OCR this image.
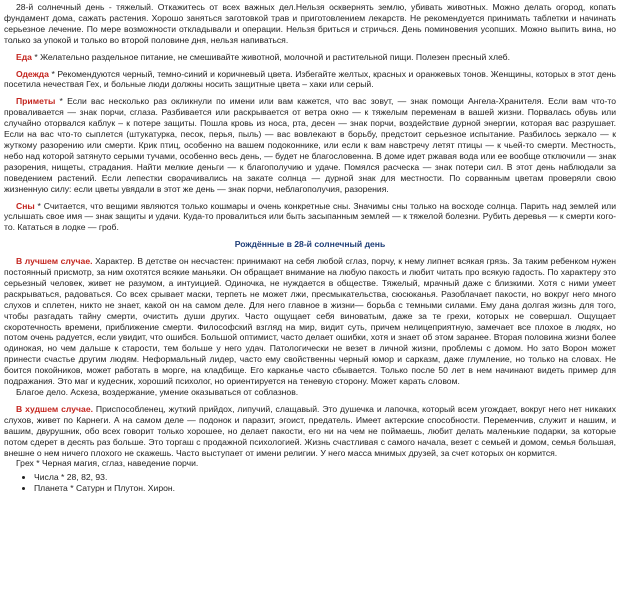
28-й солнечный день - тяжелый. Откажитесь от всех важных дел.Нельзя осквернять землю, убивать животных. Можно делать огород, копать фундамент дома, сажать растения. Хорошо заняться заготовкой трав и приготовлением лекарств. Не рекомендуется принимать таблетки и начинать серьезное лечение. По мере возможности откладывали и операции. Нельзя бриться и стричься. День поминовения усопших. Можно выпить вина, но только за упокой и только во второй половине дня, нельзя напиваться.

Еда * Желательно раздельное питание, не смешивайте животной, молочной и растительной пищи. Полезен пресный хлеб.

Одежда * Рекомендуются черный, темно-синий и коричневый цвета. Избегайте желтых, красных и оранжевых тонов. Женщины, которых в этот день посетила нечествая Гех, и больные люди должны носить защитные цвета – хаки или серый.

Приметы * Если вас несколько раз окликнули по имени или вам кажется, что вас зовут, — знак помощи Ангела-Хранителя. Если вам что-то проваливается — знак порчи, сглаза. Разбивается или раскрывается от ветра окно — к тяжелым переменам в вашей жизни. Порвалась обувь или случайно оторвался каблук – к потере защиты. Пошла кровь из носа, рта, десен — знак порчи, воздействие дурной энергии, которая вас разрушает. Если на вас что-то сыплется (штукатурка, песок, перья, пыль) — вас вовлекают в борьбу, предстоит серьезное испытание. Разбилось зеркало — к жуткому разорению или смерти. Крик птиц, особенно на вашем подоконнике, или если к вам навстречу летят птицы — к чьей-то смерти. Местность, небо над которой затянуто серыми тучами, особенно весь день, — будет не благословенна. В доме идет ржавая вода или ее вообще отключили — знак разорения, нищеты, страдания. Найти мелкие деньги — к благополучию и удаче. Помялся расческа — знак потери сил. В этот день наблюдали за поведением растений. Если лепестки сворачивались на закате солнца — дурной знак для местности. По сорванным цветам проверяли свою жизненную силу: если цветы увядали в этот же день — знак порчи, неблагополучия, разорения.

Сны * Считается, что вещими являются только кошмары и очень конкретные сны. Значимы сны только на восходе солнца. Парить над землей или услышать свое имя — знак защиты и удачи. Куда-то провалиться или быть засыпанным землей — к тяжелой болезни. Рубить деревья — к смерти кого-то. Кататься в лодке — гроб.

Рождённые в 28-й солнечный день

В лучшем случае. Характер. В детстве он несчастен: принимают на себя любой сглаз, порчу, к нему липнет всякая грязь. За таким ребенком нужен постоянный присмотр, за ним охотятся всякие маньяки. Он обращает внимание на любую пакость и любит читать про всякую гадость. По характеру это серьезный человек, живет не разумом, а интуицией. Одиночка, не нуждается в обществе. Тяжелый, мрачный даже с близкими. Хотя с ними умеет раскрываться, радоваться. Со всех срывает маски, терпеть не может лжи, пресмыкательства, сюсюканья. Разоблачает пакости, но вокруг него много слухов и сплетен, никто не знает, какой он на самом деле. Для него главное в жизни— борьба с темными силами. Ему дана долгая жизнь для того, чтобы разгадать тайну смерти, очистить души других. Часто ощущает себя виноватым, даже за те грехи, которых не совершал. Ощущает скоротечность времени, приближение смерти. Философский взгляд на мир, видит суть, причем нелицеприятную, замечает все плохое в людях, но потом очень радуется, если увидит, что ошибся. Большой оптимист, часто делает ошибки, хотя и знает об этом заранее. Вторая половина жизни более одинокая, но чем дальше к старости, тем больше у него удач. Патологически не везет в личной жизни, проблемы с домом. Но зато Ворон может принести счастье другим людям. Неформальный лидер, часто ему свойственны черный юмор и сарказм, даже глумление, но только на словах. Не боится покойников, может работать в морге, на кладбище. Его карканье часто сбывается. Только после 50 лет в нем начинают видеть пример для подражания. Это маг и кудесник, хороший психолог, но ориентируется на теневую сторону. Может карать словом.

Благое дело. Аскеза, воздержание, умение оказываться от соблазнов.

В худшем случае. Приспособленец, жуткий прийдох, липучий, слащавый. Это душечка и лапочка, который всем угождает, вокруг него нет никаких слухов, живет по Карнеги. А на самом деле — подонок и паразит, эгоист, предатель. Имеет актерские способности. Переменчив, служит и нашим, и вашим, двурушник, обо всех говорит только хорошее, но делает пакости, его ни на чем не поймаешь, любит делать маленькие подарки, за которые потом сдерет в десять раз больше. Это торгаш с продажной психологией. Жизнь счастливая с самого начала, везет с семьей и домом, семья большая, внешне о нем ничего плохого не скажешь. Часто выступает от имени религии. У него масса мнимых друзей, за счет которых он кормится.

Грех * Черная магия, сглаз, наведение порчи.

• Числа * 28, 82, 93.
• Планета * Сатурн и Плутон. Хирон.
